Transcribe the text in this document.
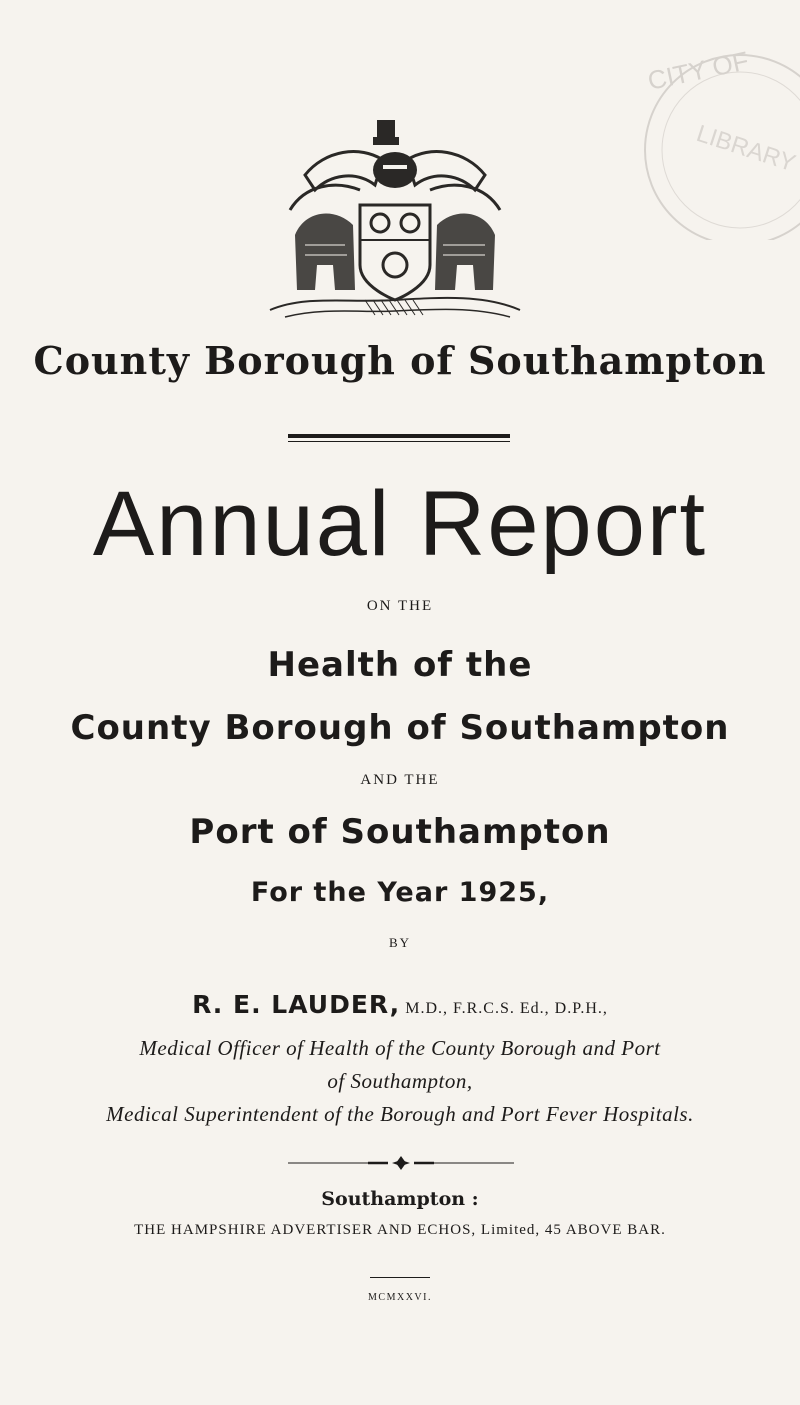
CITY OF
LIBRARY
County Borough of Southampton
Annual Report
ON THE
Health of the
County Borough of Southampton
AND THE
Port of Southampton
For the Year 1925,
BY
R. E. LAUDER, M.D., F.R.C.S. Ed., D.P.H.,
Medical Officer of Health of the County Borough and Port
of Southampton,
Medical Superintendent of the Borough and Port Fever Hospitals.
Southampton :
THE HAMPSHIRE ADVERTISER AND ECHOS, Limited, 45 ABOVE BAR.
MCMXXVI.
